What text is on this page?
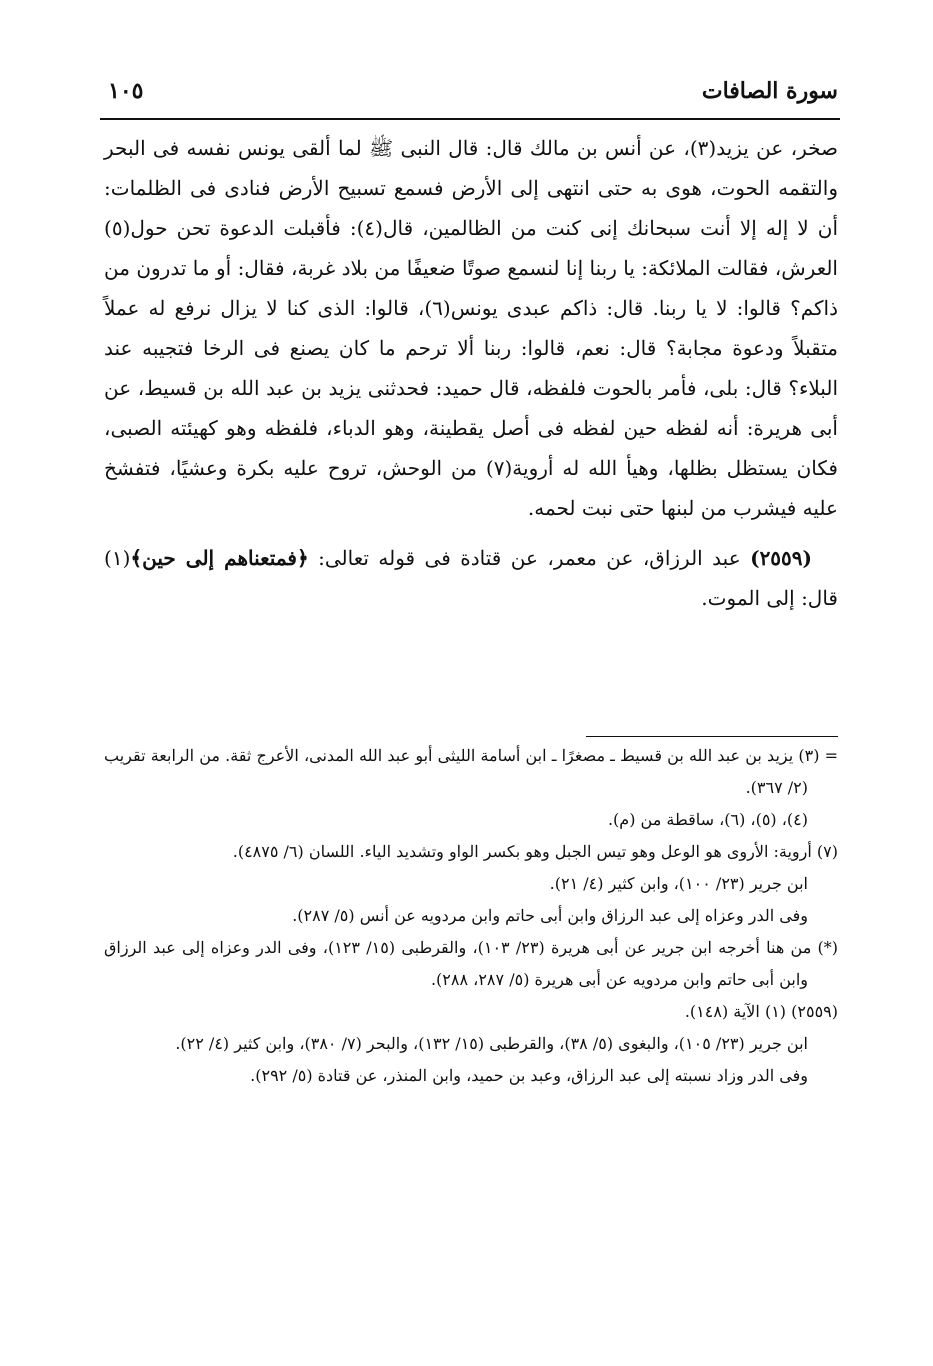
سورة الصافات
١٠٥

صخر، عن يزيد(٣)، عن أنس بن مالك قال: قال النبى ﷺ لما ألقى يونس نفسه فى البحر والتقمه الحوت، هوى به حتى انتهى إلى الأرض فسمع تسبيح الأرض فنادى فى الظلمات: أن لا إله إلا أنت سبحانك إنى كنت من الظالمين، قال(٤): فأقبلت الدعوة تحن حول(٥) العرش، فقالت الملائكة: يا ربنا إنا لنسمع صوتًا ضعيفًا من بلاد غربة، فقال: أو ما تدرون من ذاكم؟ قالوا: لا يا ربنا. قال: ذاكم عبدى يونس(٦)، قالوا: الذى كنا لا يزال نرفع له عملاً متقبلاً ودعوة مجابة؟ قال: نعم، قالوا: ربنا ألا ترحم ما كان يصنع فى الرخا فتجيبه عند البلاء؟ قال: بلى، فأمر بالحوت فلفظه، قال حميد: فحدثنى يزيد بن عبد الله بن قسيط، عن أبى هريرة: أنه لفظه حين لفظه فى أصل يقطينة، وهو الدباء، فلفظه وهو كهيئته الصبى، فكان يستظل بظلها، وهيأ الله له أروية(٧) من الوحش، تروح عليه بكرة وعشيًا، فتفشخ عليه فيشرب من لبنها حتى نبت لحمه.

(٢٥٥٩) عبد الرزاق، عن معمر، عن قتادة فى قوله تعالى: ﴿فمتعناهم إلى حين﴾(١) قال: إلى الموت.

= (٣) يزيد بن عبد الله بن قسيط ـ مصغرًا ـ ابن أسامة الليثى أبو عبد الله المدنى، الأعرج ثقة. من الرابعة تقريب (٢/ ٣٦٧).

(٤)، (٥)، (٦)، ساقطة من (م).

(٧) أروية: الأروى هو الوعل وهو تيس الجبل وهو بكسر الواو وتشديد الياء. اللسان (٦/ ٤٨٧٥).

ابن جرير (٢٣/ ١٠٠)، وابن كثير (٤/ ٢١).

وفى الدر وعزاه إلى عبد الرزاق وابن أبى حاتم وابن مردويه عن أنس (٥/ ٢٨٧).

(*) من هنا أخرجه ابن جرير عن أبى هريرة (٢٣/ ١٠٣)، والقرطبى (١٥/ ١٢٣)، وفى الدر وعزاه إلى عبد الرزاق وابن أبى حاتم وابن مردويه عن أبى هريرة (٥/ ٢٨٧، ٢٨٨).

(٢٥٥٩) (١) الآية (١٤٨).

ابن جرير (٢٣/ ١٠٥)، والبغوى (٥/ ٣٨)، والقرطبى (١٥/ ١٣٢)، والبحر (٧/ ٣٨٠)، وابن كثير (٤/ ٢٢).

وفى الدر وزاد نسبته إلى عبد الرزاق، وعبد بن حميد، وابن المنذر، عن قتادة (٥/ ٢٩٢).
